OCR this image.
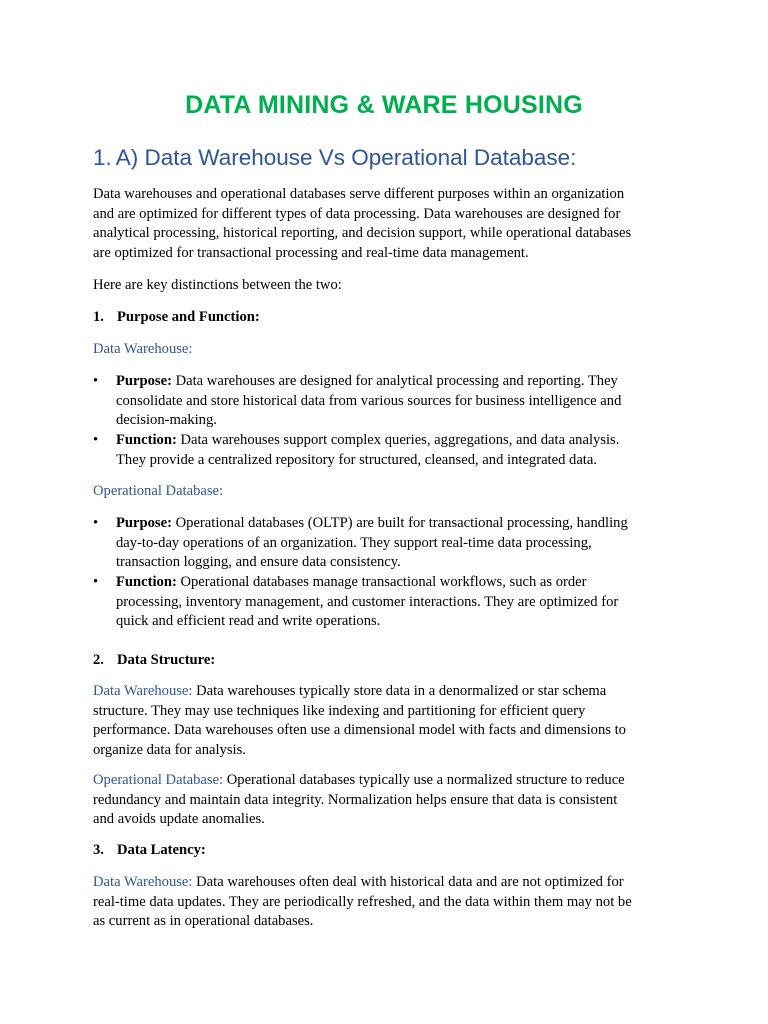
DATA MINING & WARE HOUSING
1. A) Data Warehouse Vs Operational Database:
Data warehouses and operational databases serve different purposes within an organization
and are optimized for different types of data processing. Data warehouses are designed for
analytical processing, historical reporting, and decision support, while operational databases
are optimized for transactional processing and real-time data management.
Here are key distinctions between the two:
1. Purpose and Function:
Data Warehouse:
•	Purpose: Data warehouses are designed for analytical processing and reporting. They
consolidate and store historical data from various sources for business intelligence and
decision-making.
•	Function: Data warehouses support complex queries, aggregations, and data analysis.
They provide a centralized repository for structured, cleansed, and integrated data.
Operational Database:
•	Purpose: Operational databases (OLTP) are built for transactional processing, handling
day-to-day operations of an organization. They support real-time data processing,
transaction logging, and ensure data consistency.
•	Function: Operational databases manage transactional workflows, such as order
processing, inventory management, and customer interactions. They are optimized for
quick and efficient read and write operations.
2. Data Structure:
Data Warehouse: Data warehouses typically store data in a denormalized or star schema
structure. They may use techniques like indexing and partitioning for efficient query
performance. Data warehouses often use a dimensional model with facts and dimensions to
organize data for analysis.
Operational Database: Operational databases typically use a normalized structure to reduce
redundancy and maintain data integrity. Normalization helps ensure that data is consistent
and avoids update anomalies.
3. Data Latency:
Data Warehouse: Data warehouses often deal with historical data and are not optimized for
real-time data updates. They are periodically refreshed, and the data within them may not be
as current as in operational databases.
